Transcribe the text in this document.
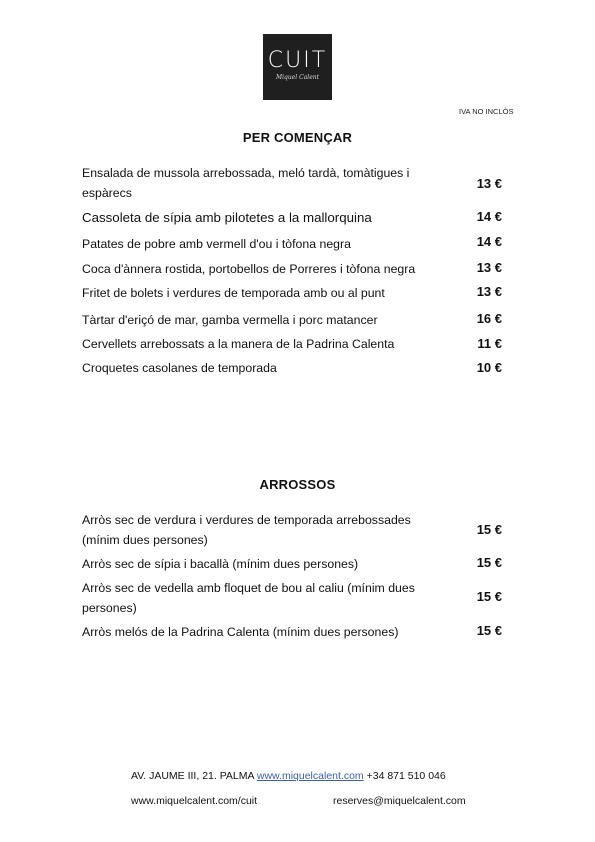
CUIT
Miquel Calent
IVA NO INCLÒS
PER COMENÇAR
Ensalada de mussola arrebossada, meló tardà, tomàtigues i espàrecs
13 €
Cassoleta de sípia amb pilotetes a la mallorquina	14 €
Patates de pobre amb vermell d'ou i tòfona negra	14 €
Coca d'ànnera rostida, portobellos de Porreres i tòfona negra	13 €
Fritet de bolets i verdures de temporada amb ou al punt	13 €
Tàrtar d'eriçó de mar, gamba vermella i porc matancer	16 €
Cervellets arrebossats a la manera de la Padrina Calenta	11 €
Croquetes casolanes de temporada	10 €
ARROSSOS
Arròs sec de verdura i verdures de temporada arrebossades (mínim dues persones)
15 €
Arròs sec de sípia i bacallà (mínim dues persones)	15 €
Arròs sec de vedella amb floquet de bou al caliu (mínim dues persones)
15 €
Arròs melós de la Padrina Calenta (mínim dues persones)	15 €
AV. JAUME III, 21. PALMA www.miquelcalent.com +34 871 510 046
www.miquelcalent.com/cuit	reserves@miquelcalent.com
